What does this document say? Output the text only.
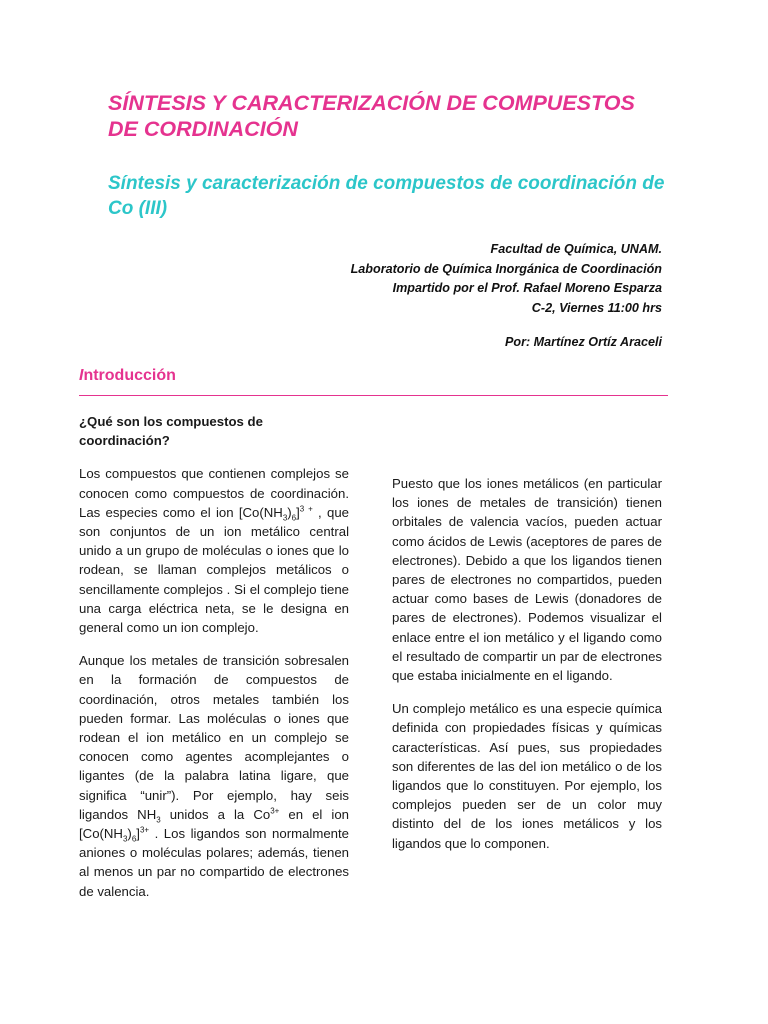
SÍNTESIS Y CARACTERIZACIÓN DE COMPUESTOS DE CORDINACIÓN
Síntesis y caracterización de compuestos de coordinación de Co (III)
Facultad de Química, UNAM.
Laboratorio de Química Inorgánica de Coordinación
Impartido por el Prof. Rafael Moreno Esparza
C-2, Viernes 11:00 hrs
Por: Martínez Ortíz Araceli
Introducción

¿Qué son los compuestos de coordinación?

Los compuestos que contienen complejos se conocen como compuestos de coordinación. Las especies como el ion $[Co(NH_3)_6]^{3 +}$ , que son conjuntos de un ion metálico central unido a un grupo de moléculas o iones que lo rodean, se llaman complejos metálicos o sencillamente complejos . Si el complejo tiene una carga eléctrica neta, se le designa en general como un ion complejo.

Aunque los metales de transición sobresalen en la formación de compuestos de coordinación, otros metales también los pueden formar. Las moléculas o iones que rodean el ion metálico en un complejo se conocen como agentes acomplejantes o ligantes (de la palabra latina ligare, que significa “unir”). Por ejemplo, hay seis ligandos $NH_3$ unidos a la $Co^{3+}$ en el ion $[Co(NH_3)_6]^{3+}$ . Los ligandos son normalmente aniones o moléculas polares; además, tienen al menos un par no compartido de electrones de valencia.

Puesto que los iones metálicos (en particular los iones de metales de transición) tienen orbitales de valencia vacíos, pueden actuar como ácidos de Lewis (aceptores de pares de electrones). Debido a que los ligandos tienen pares de electrones no compartidos, pueden actuar como bases de Lewis (donadores de pares de electrones). Podemos visualizar el enlace entre el ion metálico y el ligando como el resultado de compartir un par de electrones que estaba inicialmente en el ligando.

Un complejo metálico es una especie química definida con propiedades físicas y químicas características. Así pues, sus propiedades son diferentes de las del ion metálico o de los ligandos que lo constituyen. Por ejemplo, los complejos pueden ser de un color muy distinto del de los iones metálicos y los ligandos que lo componen.
